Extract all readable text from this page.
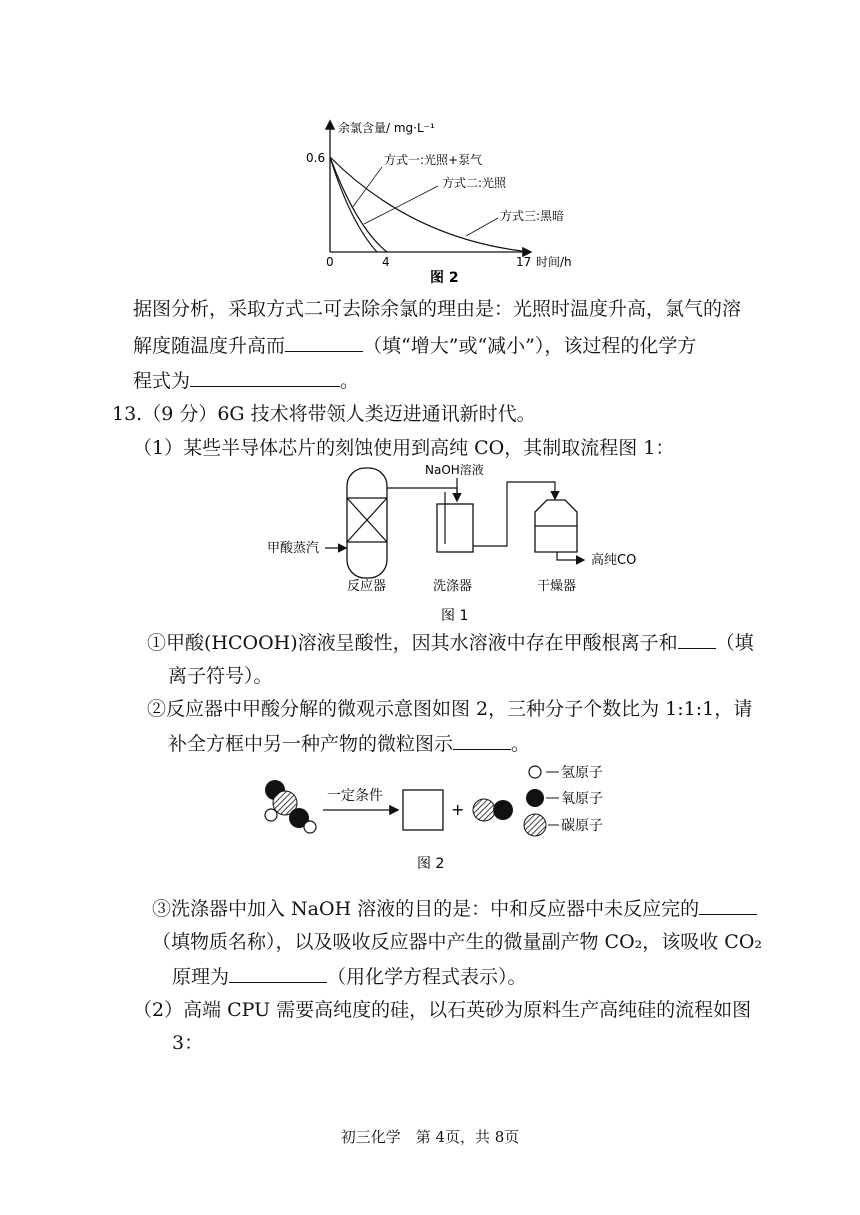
余氯含量/ mg·L⁻¹
0.6
0	4	17 时间/h
方式一:光照+泵气
方式二:光照
方式三:黑暗
图 2
据图分析，采取方式二可去除余氯的理由是：光照时温度升高，氯气的溶
解度随温度升高而	（填“增大”或“减小”），该过程的化学方
程式为	。
13.（9 分）6G 技术将带领人类迈进通讯新时代。
（1）某些半导体芯片的刻蚀使用到高纯 CO，其制取流程图 1：
甲酸蒸汽
NaOH溶液
高纯CO
反应器	洗涤器	干燥器
图 1
①甲酸(HCOOH)溶液呈酸性，因其水溶液中存在甲酸根离子和 （填
离子符号）。
②反应器中甲酸分解的微观示意图如图 2，三种分子个数比为 1:1:1，请
补全方框中另一种产物的微粒图示	。
一定条件
+
氢原子
氧原子
碳原子
图 2
③洗涤器中加入 NaOH 溶液的目的是：中和反应器中未反应完的
（填物质名称），以及吸收反应器中产生的微量副产物 CO₂，该吸收 CO₂
原理为	（用化学方程式表示）。
（2）高端 CPU 需要高纯度的硅，以石英砂为原料生产高纯硅的流程如图
3：
初三化学　第 4页，共 8页
